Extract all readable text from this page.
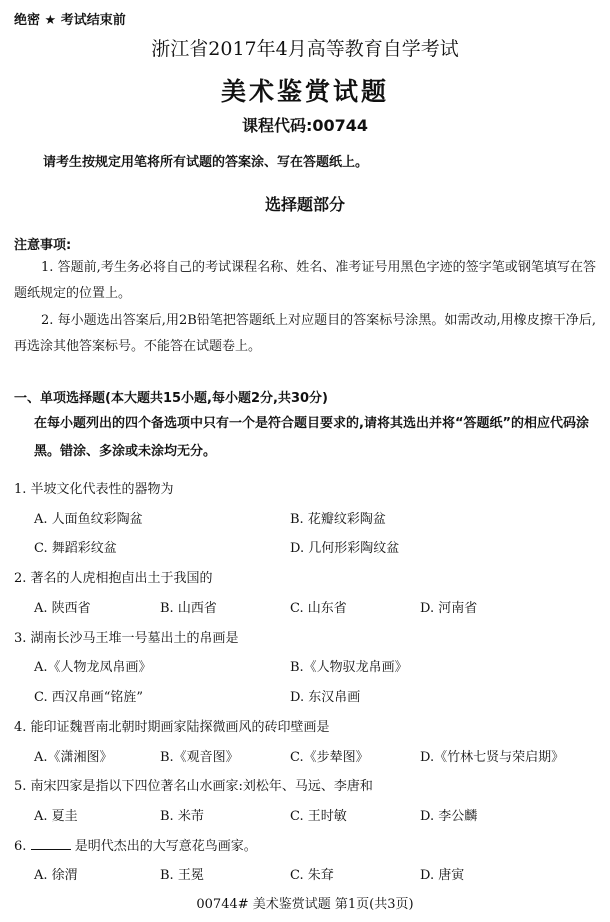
绝密 ★ 考试结束前
浙江省2017年4月高等教育自学考试
美术鉴赏试题
课程代码:00744
请考生按规定用笔将所有试题的答案涂、写在答题纸上。
选择题部分
注意事项:
1. 答题前,考生务必将自己的考试课程名称、姓名、准考证号用黑色字迹的签字笔或钢笔填写在答题纸规定的位置上。
2. 每小题选出答案后,用2B铅笔把答题纸上对应题目的答案标号涂黑。如需改动,用橡皮擦干净后,再选涂其他答案标号。不能答在试题卷上。
一、单项选择题(本大题共15小题,每小题2分,共30分)
在每小题列出的四个备选项中只有一个是符合题目要求的,请将其选出并将“答题纸”的相应代码涂黑。错涂、多涂或未涂均无分。
1. 半坡文化代表性的器物为
A. 人面鱼纹彩陶盆	B. 花瓣纹彩陶盆
C. 舞蹈彩纹盆	D. 几何形彩陶纹盆
2. 著名的人虎相抱卣出土于我国的
A. 陕西省	B. 山西省	C. 山东省	D. 河南省
3. 湖南长沙马王堆一号墓出土的帛画是
A.《人物龙凤帛画》	B.《人物驭龙帛画》
C. 西汉帛画“铭旌”	D. 东汉帛画
4. 能印证魏晋南北朝时期画家陆探微画风的砖印壁画是
A.《潇湘图》	B.《观音图》	C.《步辇图》	D.《竹林七贤与荣启期》
5. 南宋四家是指以下四位著名山水画家:刘松年、马远、李唐和
A. 夏圭	B. 米芾	C. 王时敏	D. 李公麟
6.	是明代杰出的大写意花鸟画家。
A. 徐渭	B. 王冕	C. 朱耷	D. 唐寅
00744# 美术鉴赏试题 第1页(共3页)
